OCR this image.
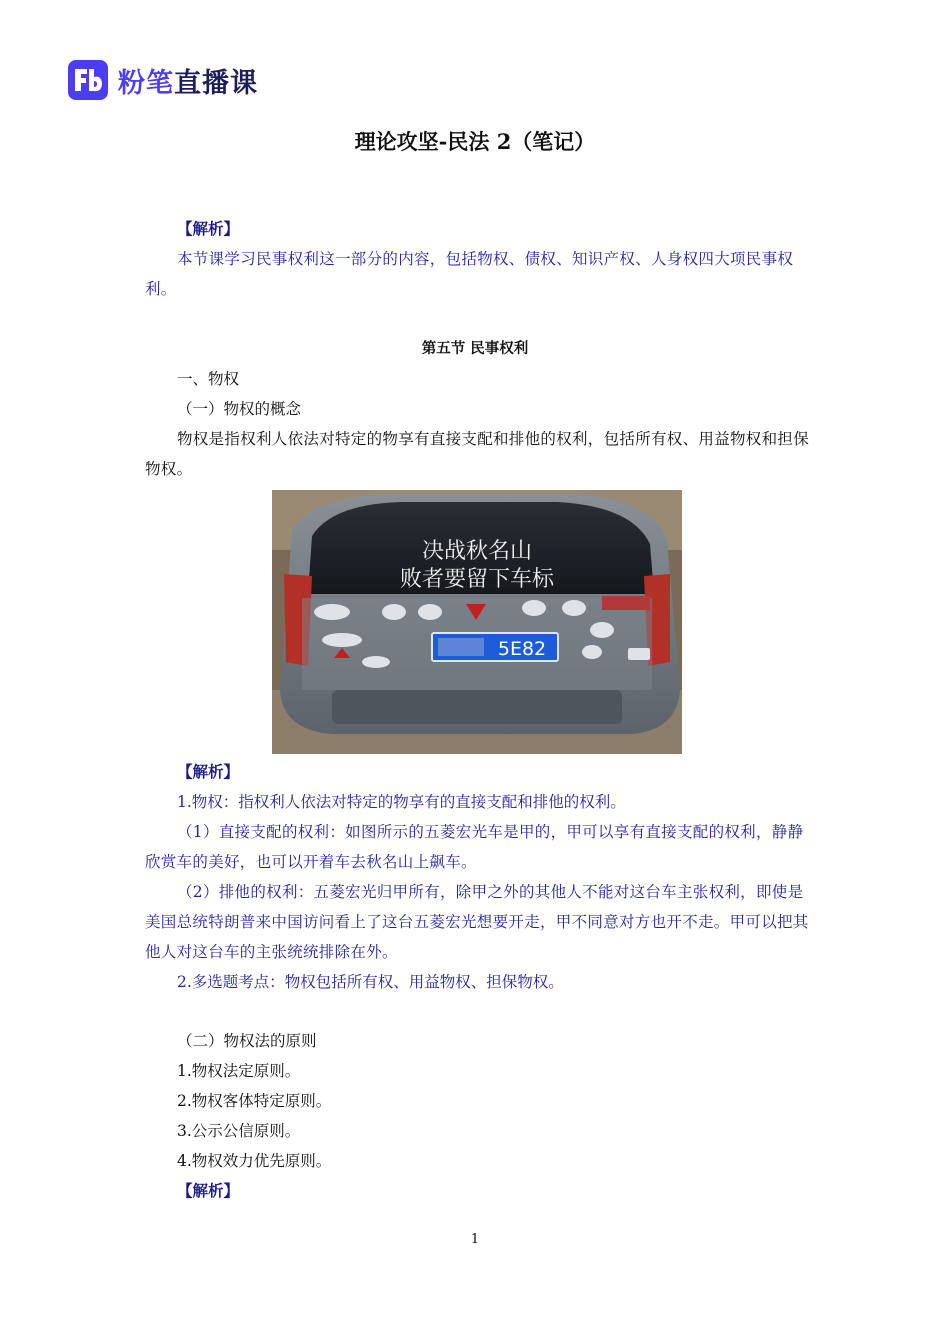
粉笔直播课
理论攻坚-民法 2（笔记）
【解析】
本节课学习民事权利这一部分的内容，包括物权、债权、知识产权、人身权四大项民事权利。
第五节 民事权利
一、物权
（一）物权的概念
物权是指权利人依法对特定的物享有直接支配和排他的权利，包括所有权、用益物权和担保物权。
决战秋名山
败者要留下车标
5E82
【解析】
1.物权：指权利人依法对特定的物享有的直接支配和排他的权利。
（1）直接支配的权利：如图所示的五菱宏光车是甲的，甲可以享有直接支配的权利，静静欣赏车的美好，也可以开着车去秋名山上飙车。
（2）排他的权利：五菱宏光归甲所有，除甲之外的其他人不能对这台车主张权利，即使是美国总统特朗普来中国访问看上了这台五菱宏光想要开走，甲不同意对方也开不走。甲可以把其他人对这台车的主张统统排除在外。
2.多选题考点：物权包括所有权、用益物权、担保物权。
（二）物权法的原则
1.物权法定原则。
2.物权客体特定原则。
3.公示公信原则。
4.物权效力优先原则。
【解析】
1
